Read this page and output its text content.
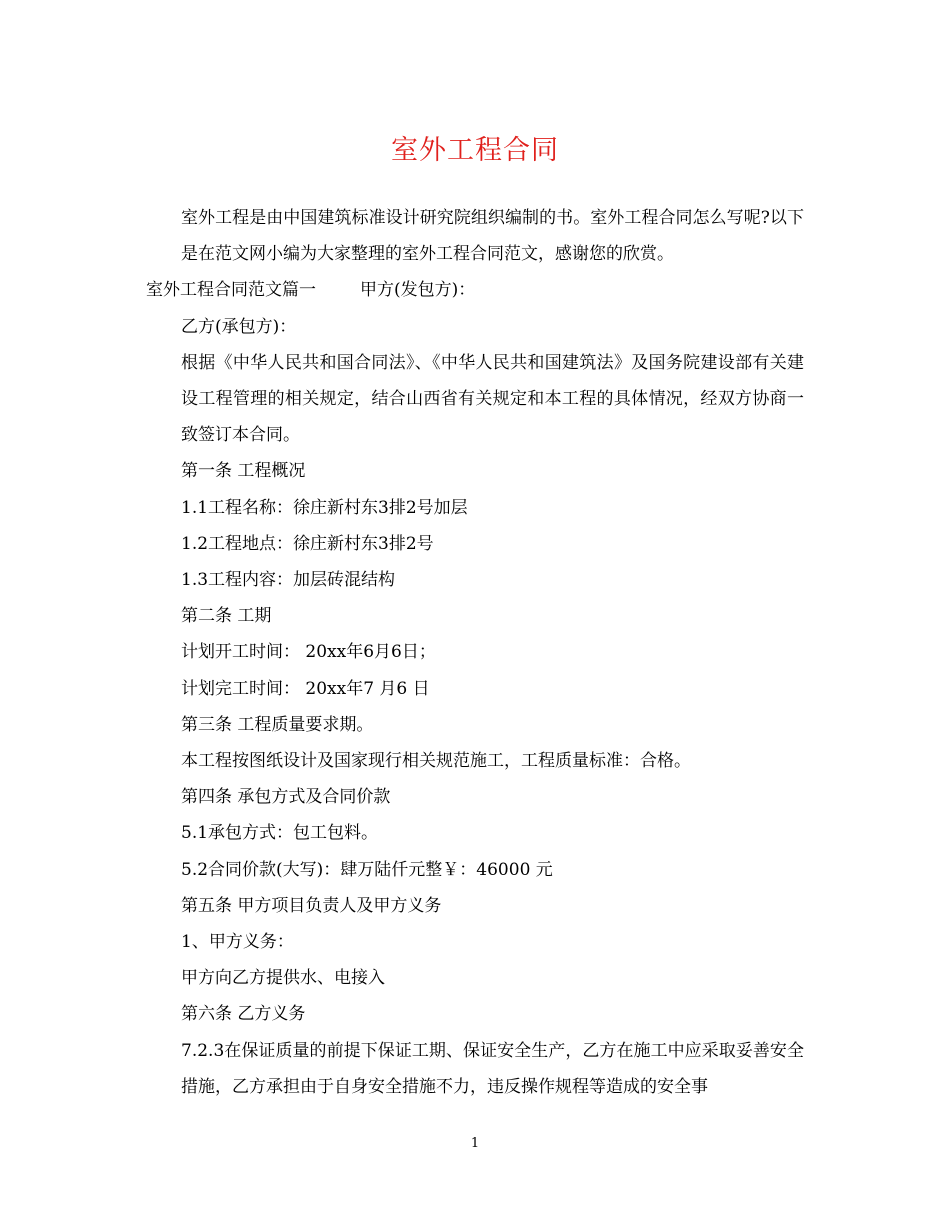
室外工程合同

室外工程是由中国建筑标准设计研究院组织编制的书。室外工程合同怎么写呢?以下是在范文网小编为大家整理的室外工程合同范文，感谢您的欣赏。

室外工程合同范文篇一	甲方(发包方)：

乙方(承包方)：

根据《中华人民共和国合同法》、《中华人民共和国建筑法》及国务院建设部有关建设工程管理的相关规定，结合山西省有关规定和本工程的具体情况，经双方协商一致签订本合同。

第一条 工程概况

1.1工程名称：徐庄新村东3排2号加层

1.2工程地点：徐庄新村东3排2号

1.3工程内容：加层砖混结构

第二条 工期

计划开工时间： 20xx年6月6日；

计划完工时间： 20xx年7 月6 日

第三条 工程质量要求期。

本工程按图纸设计及国家现行相关规范施工，工程质量标准：合格。

第四条 承包方式及合同价款

5.1承包方式：包工包料。

5.2合同价款(大写)：肆万陆仟元整￥：46000 元

第五条 甲方项目负责人及甲方义务

1、甲方义务：

甲方向乙方提供水、电接入

第六条 乙方义务

7.2.3在保证质量的前提下保证工期、保证安全生产，乙方在施工中应采取妥善安全措施，乙方承担由于自身安全措施不力，违反操作规程等造成的安全事

1
